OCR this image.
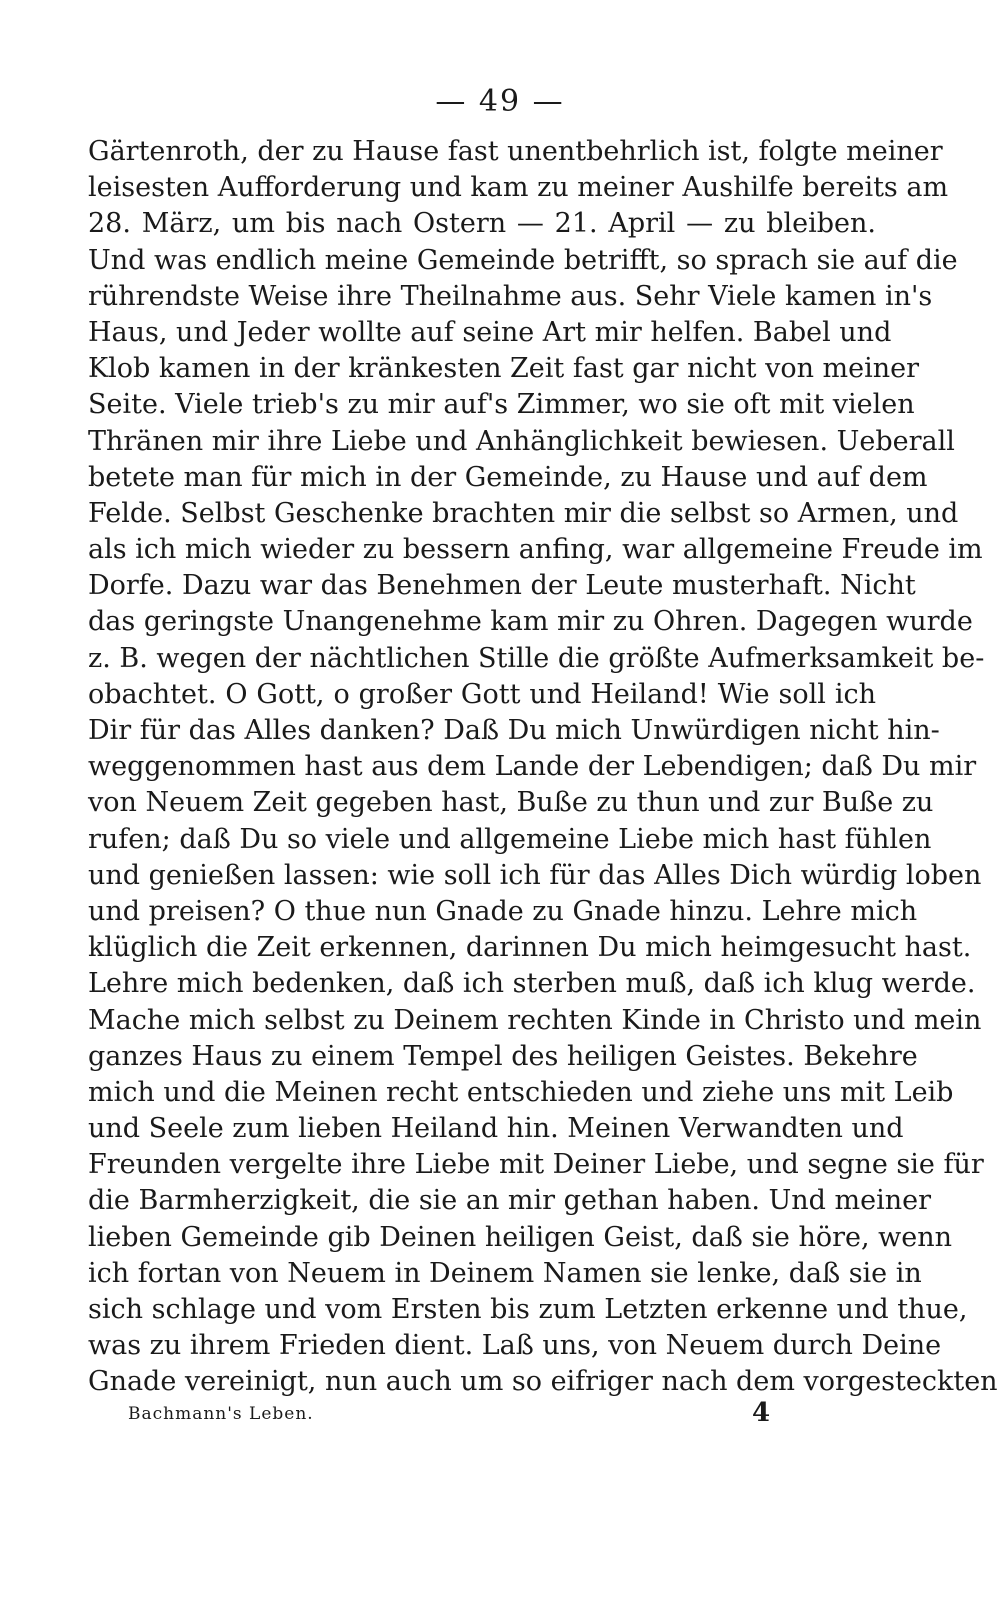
— 49 —
Gärtenroth, der zu Hause fast unentbehrlich ist, folgte meiner
leisesten Aufforderung und kam zu meiner Aushilfe bereits am
28. März, um bis nach Ostern — 21. April — zu bleiben.
Und was endlich meine Gemeinde betrifft, so sprach sie auf die
rührendste Weise ihre Theilnahme aus. Sehr Viele kamen in's
Haus, und Jeder wollte auf seine Art mir helfen. Babel und
Klob kamen in der kränkesten Zeit fast gar nicht von meiner
Seite. Viele trieb's zu mir auf's Zimmer, wo sie oft mit vielen
Thränen mir ihre Liebe und Anhänglichkeit bewiesen. Ueberall
betete man für mich in der Gemeinde, zu Hause und auf dem
Felde. Selbst Geschenke brachten mir die selbst so Armen, und
als ich mich wieder zu bessern anfing, war allgemeine Freude im
Dorfe. Dazu war das Benehmen der Leute musterhaft. Nicht
das geringste Unangenehme kam mir zu Ohren. Dagegen wurde
z. B. wegen der nächtlichen Stille die größte Aufmerksamkeit be-
obachtet. O Gott, o großer Gott und Heiland! Wie soll ich
Dir für das Alles danken? Daß Du mich Unwürdigen nicht hin-
weggenommen hast aus dem Lande der Lebendigen; daß Du mir
von Neuem Zeit gegeben hast, Buße zu thun und zur Buße zu
rufen; daß Du so viele und allgemeine Liebe mich hast fühlen
und genießen lassen: wie soll ich für das Alles Dich würdig loben
und preisen? O thue nun Gnade zu Gnade hinzu. Lehre mich
klüglich die Zeit erkennen, darinnen Du mich heimgesucht hast.
Lehre mich bedenken, daß ich sterben muß, daß ich klug werde.
Mache mich selbst zu Deinem rechten Kinde in Christo und mein
ganzes Haus zu einem Tempel des heiligen Geistes. Bekehre
mich und die Meinen recht entschieden und ziehe uns mit Leib
und Seele zum lieben Heiland hin. Meinen Verwandten und
Freunden vergelte ihre Liebe mit Deiner Liebe, und segne sie für
die Barmherzigkeit, die sie an mir gethan haben. Und meiner
lieben Gemeinde gib Deinen heiligen Geist, daß sie höre, wenn
ich fortan von Neuem in Deinem Namen sie lenke, daß sie in
sich schlage und vom Ersten bis zum Letzten erkenne und thue,
was zu ihrem Frieden dient. Laß uns, von Neuem durch Deine
Gnade vereinigt, nun auch um so eifriger nach dem vorgesteckten
Bachmann's Leben.	4
